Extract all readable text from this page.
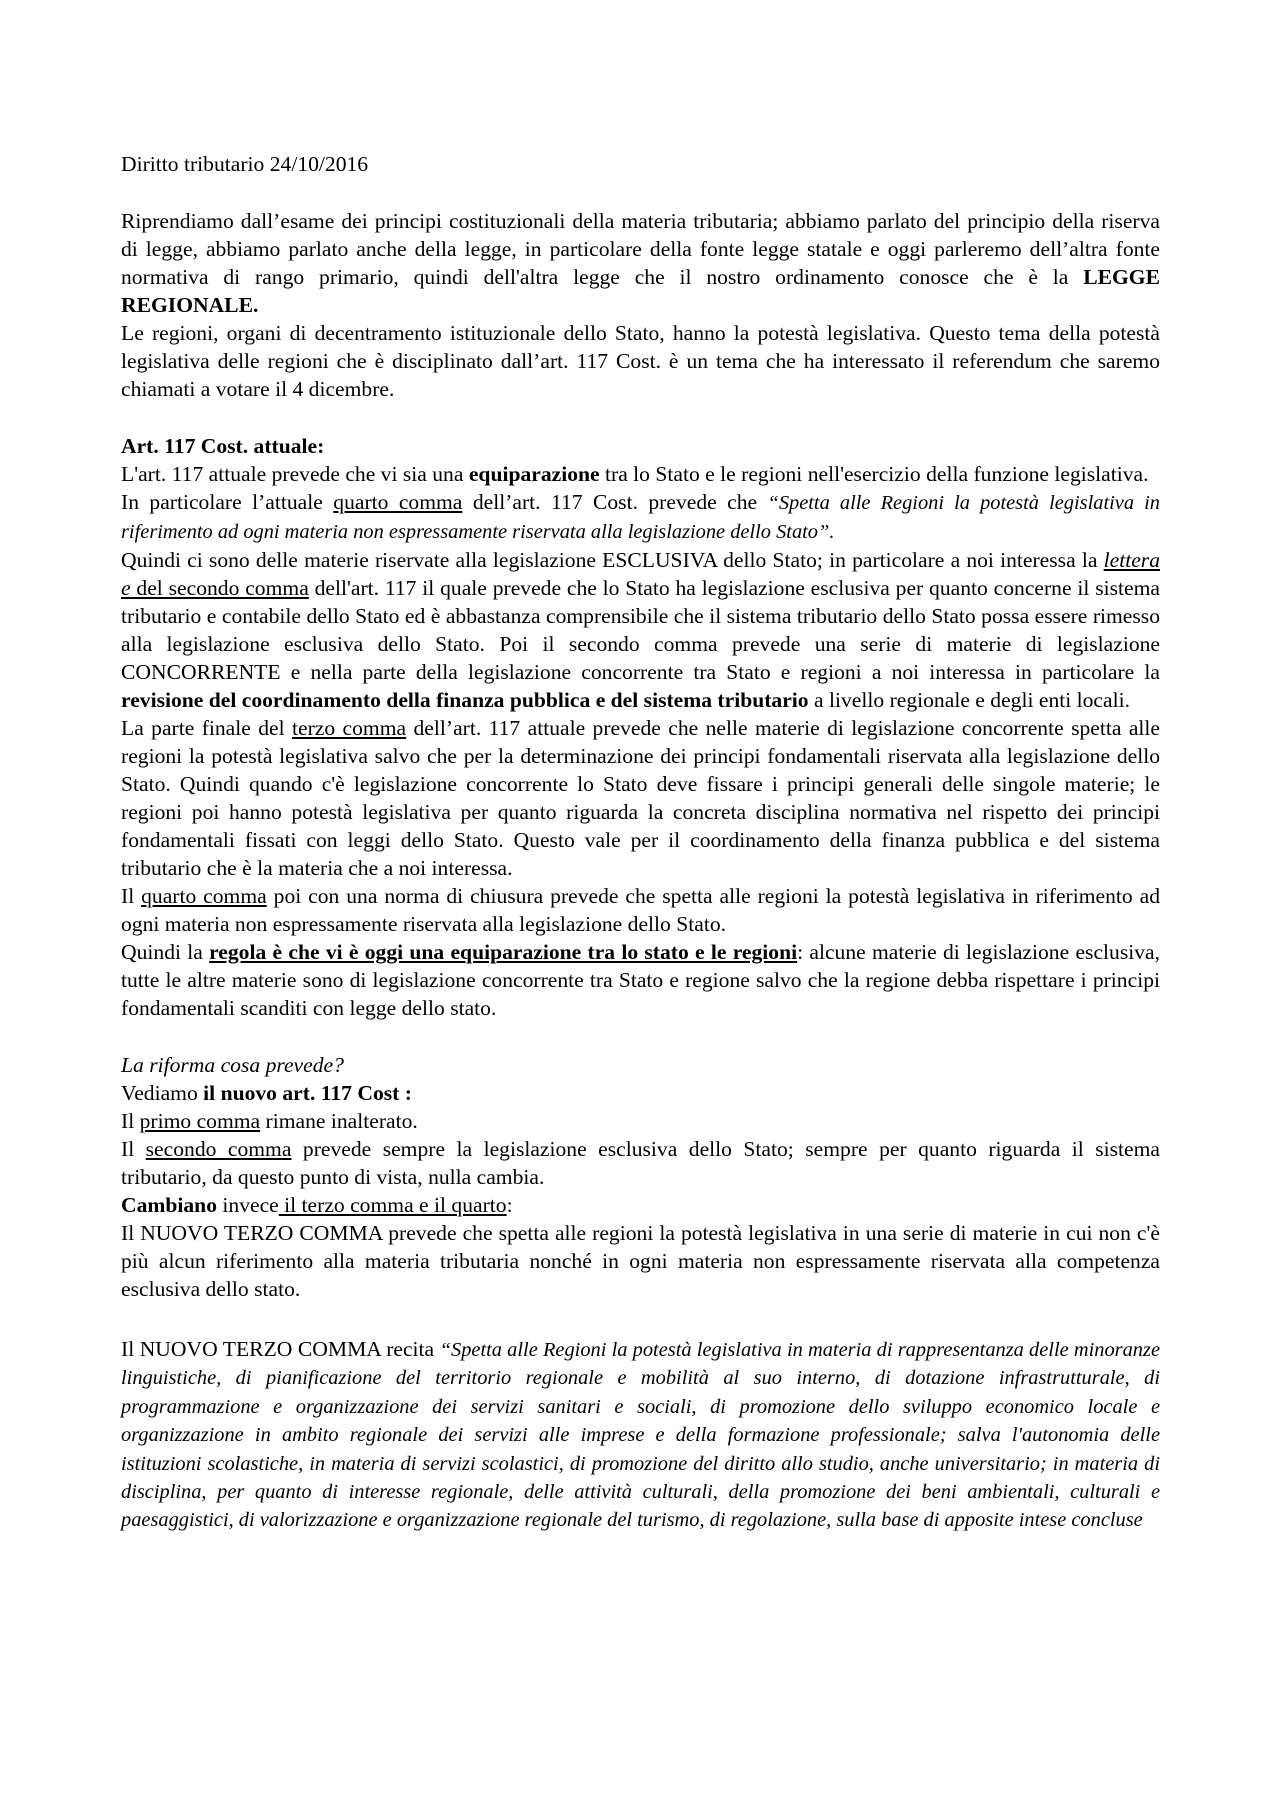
Diritto tributario 24/10/2016

Riprendiamo dall’esame dei principi costituzionali della materia tributaria; abbiamo parlato del principio della riserva di legge, abbiamo parlato anche della legge, in particolare della fonte legge statale e oggi parleremo dell’altra fonte normativa di rango primario, quindi dell'altra legge che il nostro ordinamento conosce che è la LEGGE REGIONALE.

Le regioni, organi di decentramento istituzionale dello Stato, hanno la potestà legislativa. Questo tema della potestà legislativa delle regioni che è disciplinato dall’art. 117 Cost. è un tema che ha interessato il referendum che saremo chiamati a votare il 4 dicembre.

Art. 117 Cost. attuale:

L'art. 117 attuale prevede che vi sia una equiparazione tra lo Stato e le regioni nell'esercizio della funzione legislativa.

In particolare l’attuale quarto comma dell’art. 117 Cost. prevede che “Spetta alle Regioni la potestà legislativa in riferimento ad ogni materia non espressamente riservata alla legislazione dello Stato”.

Quindi ci sono delle materie riservate alla legislazione ESCLUSIVA dello Stato; in particolare a noi interessa la lettera e del secondo comma dell'art. 117 il quale prevede che lo Stato ha legislazione esclusiva per quanto concerne il sistema tributario e contabile dello Stato ed è abbastanza comprensibile che il sistema tributario dello Stato possa essere rimesso alla legislazione esclusiva dello Stato. Poi il secondo comma prevede una serie di materie di legislazione CONCORRENTE e nella parte della legislazione concorrente tra Stato e regioni a noi interessa in particolare la revisione del coordinamento della finanza pubblica e del sistema tributario a livello regionale e degli enti locali.

La parte finale del terzo comma dell’art. 117 attuale prevede che nelle materie di legislazione concorrente spetta alle regioni la potestà legislativa salvo che per la determinazione dei principi fondamentali riservata alla legislazione dello Stato. Quindi quando c'è legislazione concorrente lo Stato deve fissare i principi generali delle singole materie; le regioni poi hanno potestà legislativa per quanto riguarda la concreta disciplina normativa nel rispetto dei principi fondamentali fissati con leggi dello Stato. Questo vale per il coordinamento della finanza pubblica e del sistema tributario che è la materia che a noi interessa.

Il quarto comma poi con una norma di chiusura prevede che spetta alle regioni la potestà legislativa in riferimento ad ogni materia non espressamente riservata alla legislazione dello Stato.

Quindi la regola è che vi è oggi una equiparazione tra lo stato e le regioni: alcune materie di legislazione esclusiva, tutte le altre materie sono di legislazione concorrente tra Stato e regione salvo che la regione debba rispettare i principi fondamentali scanditi con legge dello stato.

La riforma cosa prevede?

Vediamo il nuovo art. 117 Cost :

Il primo comma rimane inalterato.

Il secondo comma prevede sempre la legislazione esclusiva dello Stato; sempre per quanto riguarda il sistema tributario, da questo punto di vista, nulla cambia.

Cambiano invece il terzo comma e il quarto:

Il NUOVO TERZO COMMA prevede che spetta alle regioni la potestà legislativa in una serie di materie in cui non c'è più alcun riferimento alla materia tributaria nonché in ogni materia non espressamente riservata alla competenza esclusiva dello stato.

Il NUOVO TERZO COMMA recita “Spetta alle Regioni la potestà legislativa in materia di rappresentanza delle minoranze linguistiche, di pianificazione del territorio regionale e mobilità al suo interno, di dotazione infrastrutturale, di programmazione e organizzazione dei servizi sanitari e sociali, di promozione dello sviluppo economico locale e organizzazione in ambito regionale dei servizi alle imprese e della formazione professionale; salva l'autonomia delle istituzioni scolastiche, in materia di servizi scolastici, di promozione del diritto allo studio, anche universitario; in materia di disciplina, per quanto di interesse regionale, delle attività culturali, della promozione dei beni ambientali, culturali e paesaggistici, di valorizzazione e organizzazione regionale del turismo, di regolazione, sulla base di apposite intese concluse
